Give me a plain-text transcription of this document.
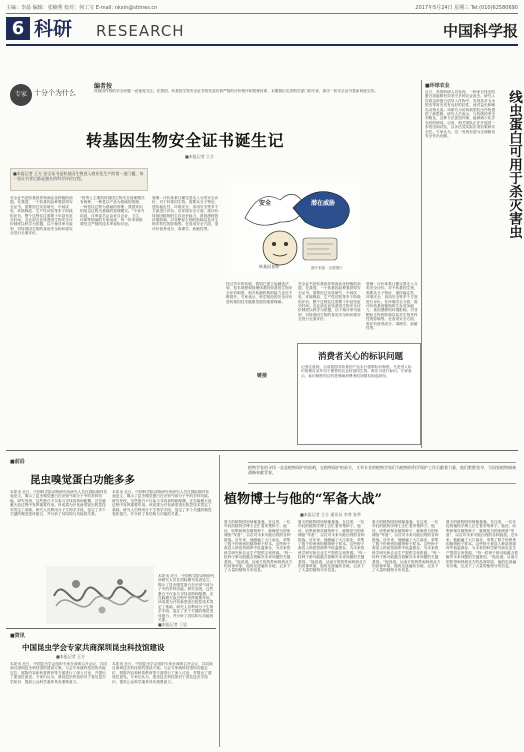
主编：李晨 编辑：张楠秀 校对：何工宝 E-mail: nkxin@stimes.cn	2017年5月24日 星期三 Tel:(010)62580690
6 科研 RESEARCH	中国科学报
专家	十分个为什么
编者按
转基因作物的安全问题一直备受关注。在我国，转基因生物安全证书的发放有着严格的评价程序和管理体系，本期我们走进相关部门和专家，探寻一张安全证书是如何诞生的。
转基因生物安全证书诞生记
■本报记者 王方
■本报记者 王方 安全证书是转基因生物进入商业化生产的第一道门槛，每一张证书背后都是漫长的科学评价过程。
安全证书是转基因作物商业化种植的前提。在我国，一个转基因品种要获得安全证书，需要经过实验研究、中间试验、环境释放、生产性试验等多个阶段的评价，整个过程往往需要十年甚至更长时间。农业部农业转基因生物安全评价制度以科学为依据，以个案评审为原则，对转基因生物的食用安全和环境安全进行全面评价。
“世界上主要的转基因生物安全管理模式有两种，一种是以产品为基础的管理，一种是以过程为基础的管理。我国采用的是以过程为基础的管理模式。”专家介绍说，评审委员会由来自农业、卫生、环保等领域的专家组成，每一份申请都要经过严格的技术审查和讨论。
管理：评价体系日臻完善走入分类安全评价。对于转基因生物，需要从分子特征、遗传稳定性、环境安全、食用安全等多个方面进行评价。在环境安全方面，需评价转基因植物的生存竞争能力、基因漂移的环境影响、对非靶标生物的影响以及对生物多样性的影响等。在食用安全方面，需评价营养成分、毒理学、致敏性等。
经过多年的发展，我国已建立起涵盖法规、技术规程和管理体系的转基因生物安全评价制度，相关检测机构的能力也在不断提升。专家表示，科学规范的安全评价是转基因技术健康发展的重要保障。
安全证书是转基因作物商业化种植的前提。在我国，一个转基因品种要获得安全证书，需要经过实验研究、中间试验、环境释放、生产性试验等多个阶段的评价，整个过程往往需要十年甚至更长时间。农业部农业转基因生物安全评价制度以科学为依据，以个案评审为原则，对转基因生物的食用安全和环境安全进行全面评价。
管理：评价体系日臻完善走入分类安全评价。对于转基因生物，需要从分子特征、遗传稳定性、环境安全、食用安全等多个方面进行评价。在环境安全方面，需评价转基因植物的生存竞争能力、基因漂移的环境影响、对非靶标生物的影响以及对生物多样性的影响等。在食用安全方面，需评价营养成分、毒理学、致敏性等。
安全	潜在威胁
转基因食物	图片来源：百度图片
■环球农业
线虫蛋白可用于杀灭害虫
近日，美国科研人员发现，一种来自线虫的蛋白质能够有效杀灭多种农业害虫。研究人员将这种蛋白质导入作物中，发现其对玉米根虫等害虫具有良好的抗性，而对益虫和哺乳动物无害。该研究为培育新型抗虫作物提供了新思路。研究人员表示，与传统的杀虫剂相比，这种方法更加环保，能够减少化学农药的使用。目前，相关团队正在开展进一步的田间试验，以评估其实际应用效果和安全性。专家认为，这一发现有望为全球粮食安全作出贡献。
链接
消费者关心的标识问题
记者注意到，目前我国对转基因产品实行强制标识制度。凡是列入标识管理目录并用于销售的农业转基因生物，都应当进行标识。专家表示，标识制度的目的是保障消费者的知情权和选择权。
■前沿
昆虫嗅觉蛋白功能多多
本报讯 近日，中国科学院动物研究所研究人员在国际期刊发表论文，揭示了昆虫嗅觉蛋白在识别气味分子中的多种功能。研究发现，这些蛋白不仅参与寻找食物和配偶，还在躲避天敌过程中发挥重要作用。该成果为开发新型害虫防控技术奠定了基础。研究人员利用分子生物学手段，鉴定了多个关键的嗅觉受体蛋白，并分析了其结构与功能的关系。
本报讯 近日，中国科学院动物研究所研究人员在国际期刊发表论文，揭示了昆虫嗅觉蛋白在识别气味分子中的多种功能。研究发现，这些蛋白不仅参与寻找食物和配偶，还在躲避天敌过程中发挥重要作用。该成果为开发新型害虫防控技术奠定了基础。研究人员利用分子生物学手段，鉴定了多个关键的嗅觉受体蛋白，并分析了其结构与功能的关系。
本报讯 近日，中国科学院动物研究所研究人员在国际期刊发表论文，揭示了昆虫嗅觉蛋白在识别气味分子中的多种功能。研究发现，这些蛋白不仅参与寻找食物和配偶，还在躲避天敌过程中发挥重要作用。该成果为开发新型害虫防控技术奠定了基础。研究人员利用分子生物学手段，鉴定了多个关键的嗅觉受体蛋白，并分析了其结构与功能的关系。
■本报记者 丁思
植物学家的寻找一直是植物保护的前哨，在植物保护的前方，又有专业的植物学家们为植物的科学保护工作贡献着力量，他们默默坚守，为国家植物储备战略奉献青春。
植物博士与他的“军备大战”
■本报记者 王方 通讯员 李秀 张华
夏天的植物园里郁郁葱葱。在这里，一位年轻的植物学博士正忙着采集种子。他说，收集和保存植物种子，就像是为国家储备“军备”，以应对未来可能出现的各种挑战。近年来，他跑遍了大江南北，采集了数千份珍贵的植物种子样本。这些种子被送入种质资源库中低温保存，为未来的科学研究和农业生产提供宝贵资源。“每一粒种子都可能蕴含着解决未来问题的关键基因。”他说道。从南方的热带雨林到北方的高寒草原，他的足迹遍布各地，记录下了大量的植物分布信息。
夏天的植物园里郁郁葱葱。在这里，一位年轻的植物学博士正忙着采集种子。他说，收集和保存植物种子，就像是为国家储备“军备”，以应对未来可能出现的各种挑战。近年来，他跑遍了大江南北，采集了数千份珍贵的植物种子样本。这些种子被送入种质资源库中低温保存，为未来的科学研究和农业生产提供宝贵资源。“每一粒种子都可能蕴含着解决未来问题的关键基因。”他说道。从南方的热带雨林到北方的高寒草原，他的足迹遍布各地，记录下了大量的植物分布信息。
夏天的植物园里郁郁葱葱。在这里，一位年轻的植物学博士正忙着采集种子。他说，收集和保存植物种子，就像是为国家储备“军备”，以应对未来可能出现的各种挑战。近年来，他跑遍了大江南北，采集了数千份珍贵的植物种子样本。这些种子被送入种质资源库中低温保存，为未来的科学研究和农业生产提供宝贵资源。“每一粒种子都可能蕴含着解决未来问题的关键基因。”他说道。从南方的热带雨林到北方的高寒草原，他的足迹遍布各地，记录下了大量的植物分布信息。
夏天的植物园里郁郁葱葱。在这里，一位年轻的植物学博士正忙着采集种子。他说，收集和保存植物种子，就像是为国家储备“军备”，以应对未来可能出现的各种挑战。近年来，他跑遍了大江南北，采集了数千份珍贵的植物种子样本。这些种子被送入种质资源库中低温保存，为未来的科学研究和农业生产提供宝贵资源。“每一粒种子都可能蕴含着解决未来问题的关键基因。”他说道。从南方的热带雨林到北方的高寒草原，他的足迹遍布各地，记录下了大量的植物分布信息。
■资讯
中国昆虫学会专家共商深圳昆虫科技馆建设
■本报记者 王方
本报讯 近日，中国昆虫学会组织专家在深圳召开会议，共同商讨深圳昆虫科技馆的建设方案。与会专家就科技馆的功能定位、展陈内容和科普教育等方面进行了深入讨论，并提出了建设性意见。专家们认为，建设昆虫科技馆对于普及昆虫学知识、提高公众科学素养具有重要意义。
本报讯 近日，中国昆虫学会组织专家在深圳召开会议，共同商讨深圳昆虫科技馆的建设方案。与会专家就科技馆的功能定位、展陈内容和科普教育等方面进行了深入讨论，并提出了建设性意见。专家们认为，建设昆虫科技馆对于普及昆虫学知识、提高公众科学素养具有重要意义。
